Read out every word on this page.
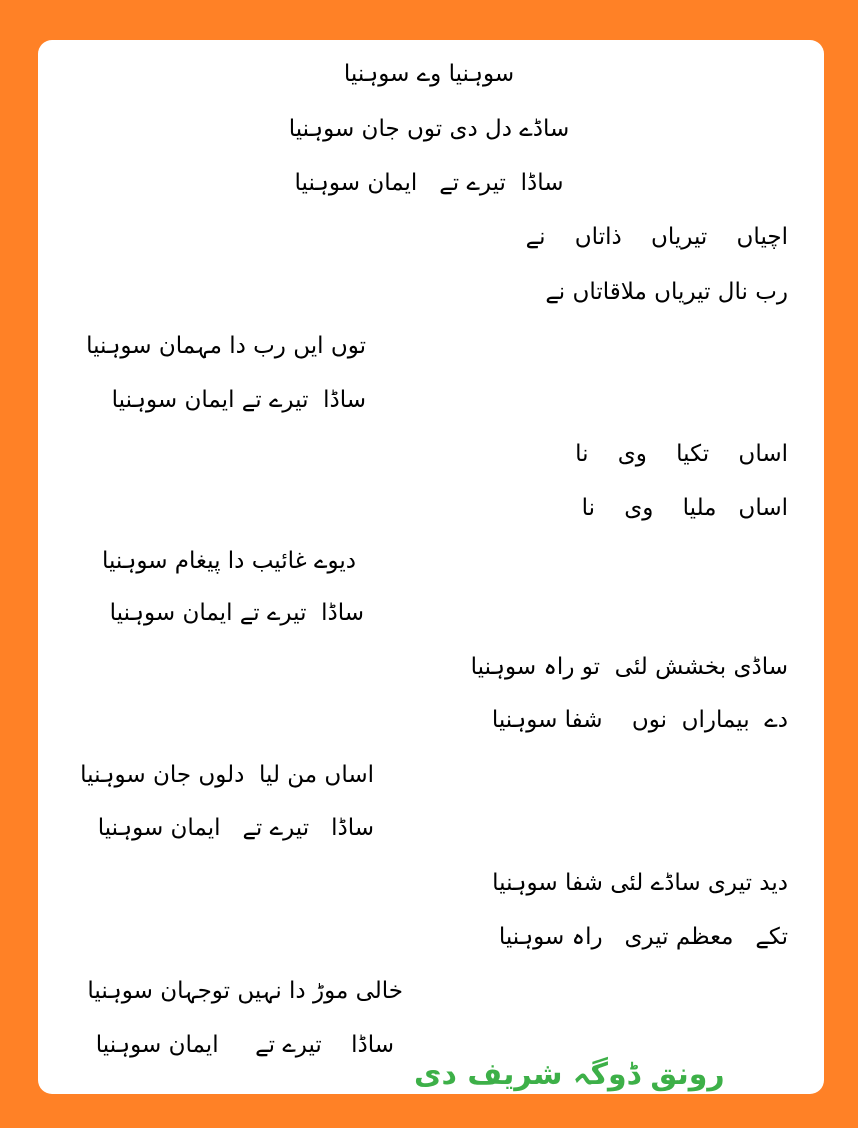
سوہنیا وے سوہنیا
ساڈے دل دی توں جان سوہنیا
ساڈا  تیرے تے   ایمان سوہنیا
اچیاں    تیریاں    ذاتاں    نے
رب نال تیریاں ملاقاتاں نے
توں ایں رب دا مہمان سوہنیا
ساڈا  تیرے تے ایمان سوہنیا
اساں    تکیا    وی    نا
اساں   ملیا    وی    نا
دیوے غائیب دا پیغام سوہنیا
ساڈا  تیرے تے ایمان سوہنیا
ساڈی بخشش لئی  تو راہ سوہنیا
دے  بیماراں  نوں    شفا سوہنیا
اساں من لیا  دلوں جان سوہنیا
ساڈا   تیرے تے   ایمان سوہنیا
دید تیری ساڈے لئی شفا سوہنیا
تکے   معظم تیری   راہ سوہنیا
خالی موڑ دا نہیں توجہان سوہنیا
ساڈا    تیرے تے     ایمان سوہنیا
رونق ڈوگہ شریف دی
